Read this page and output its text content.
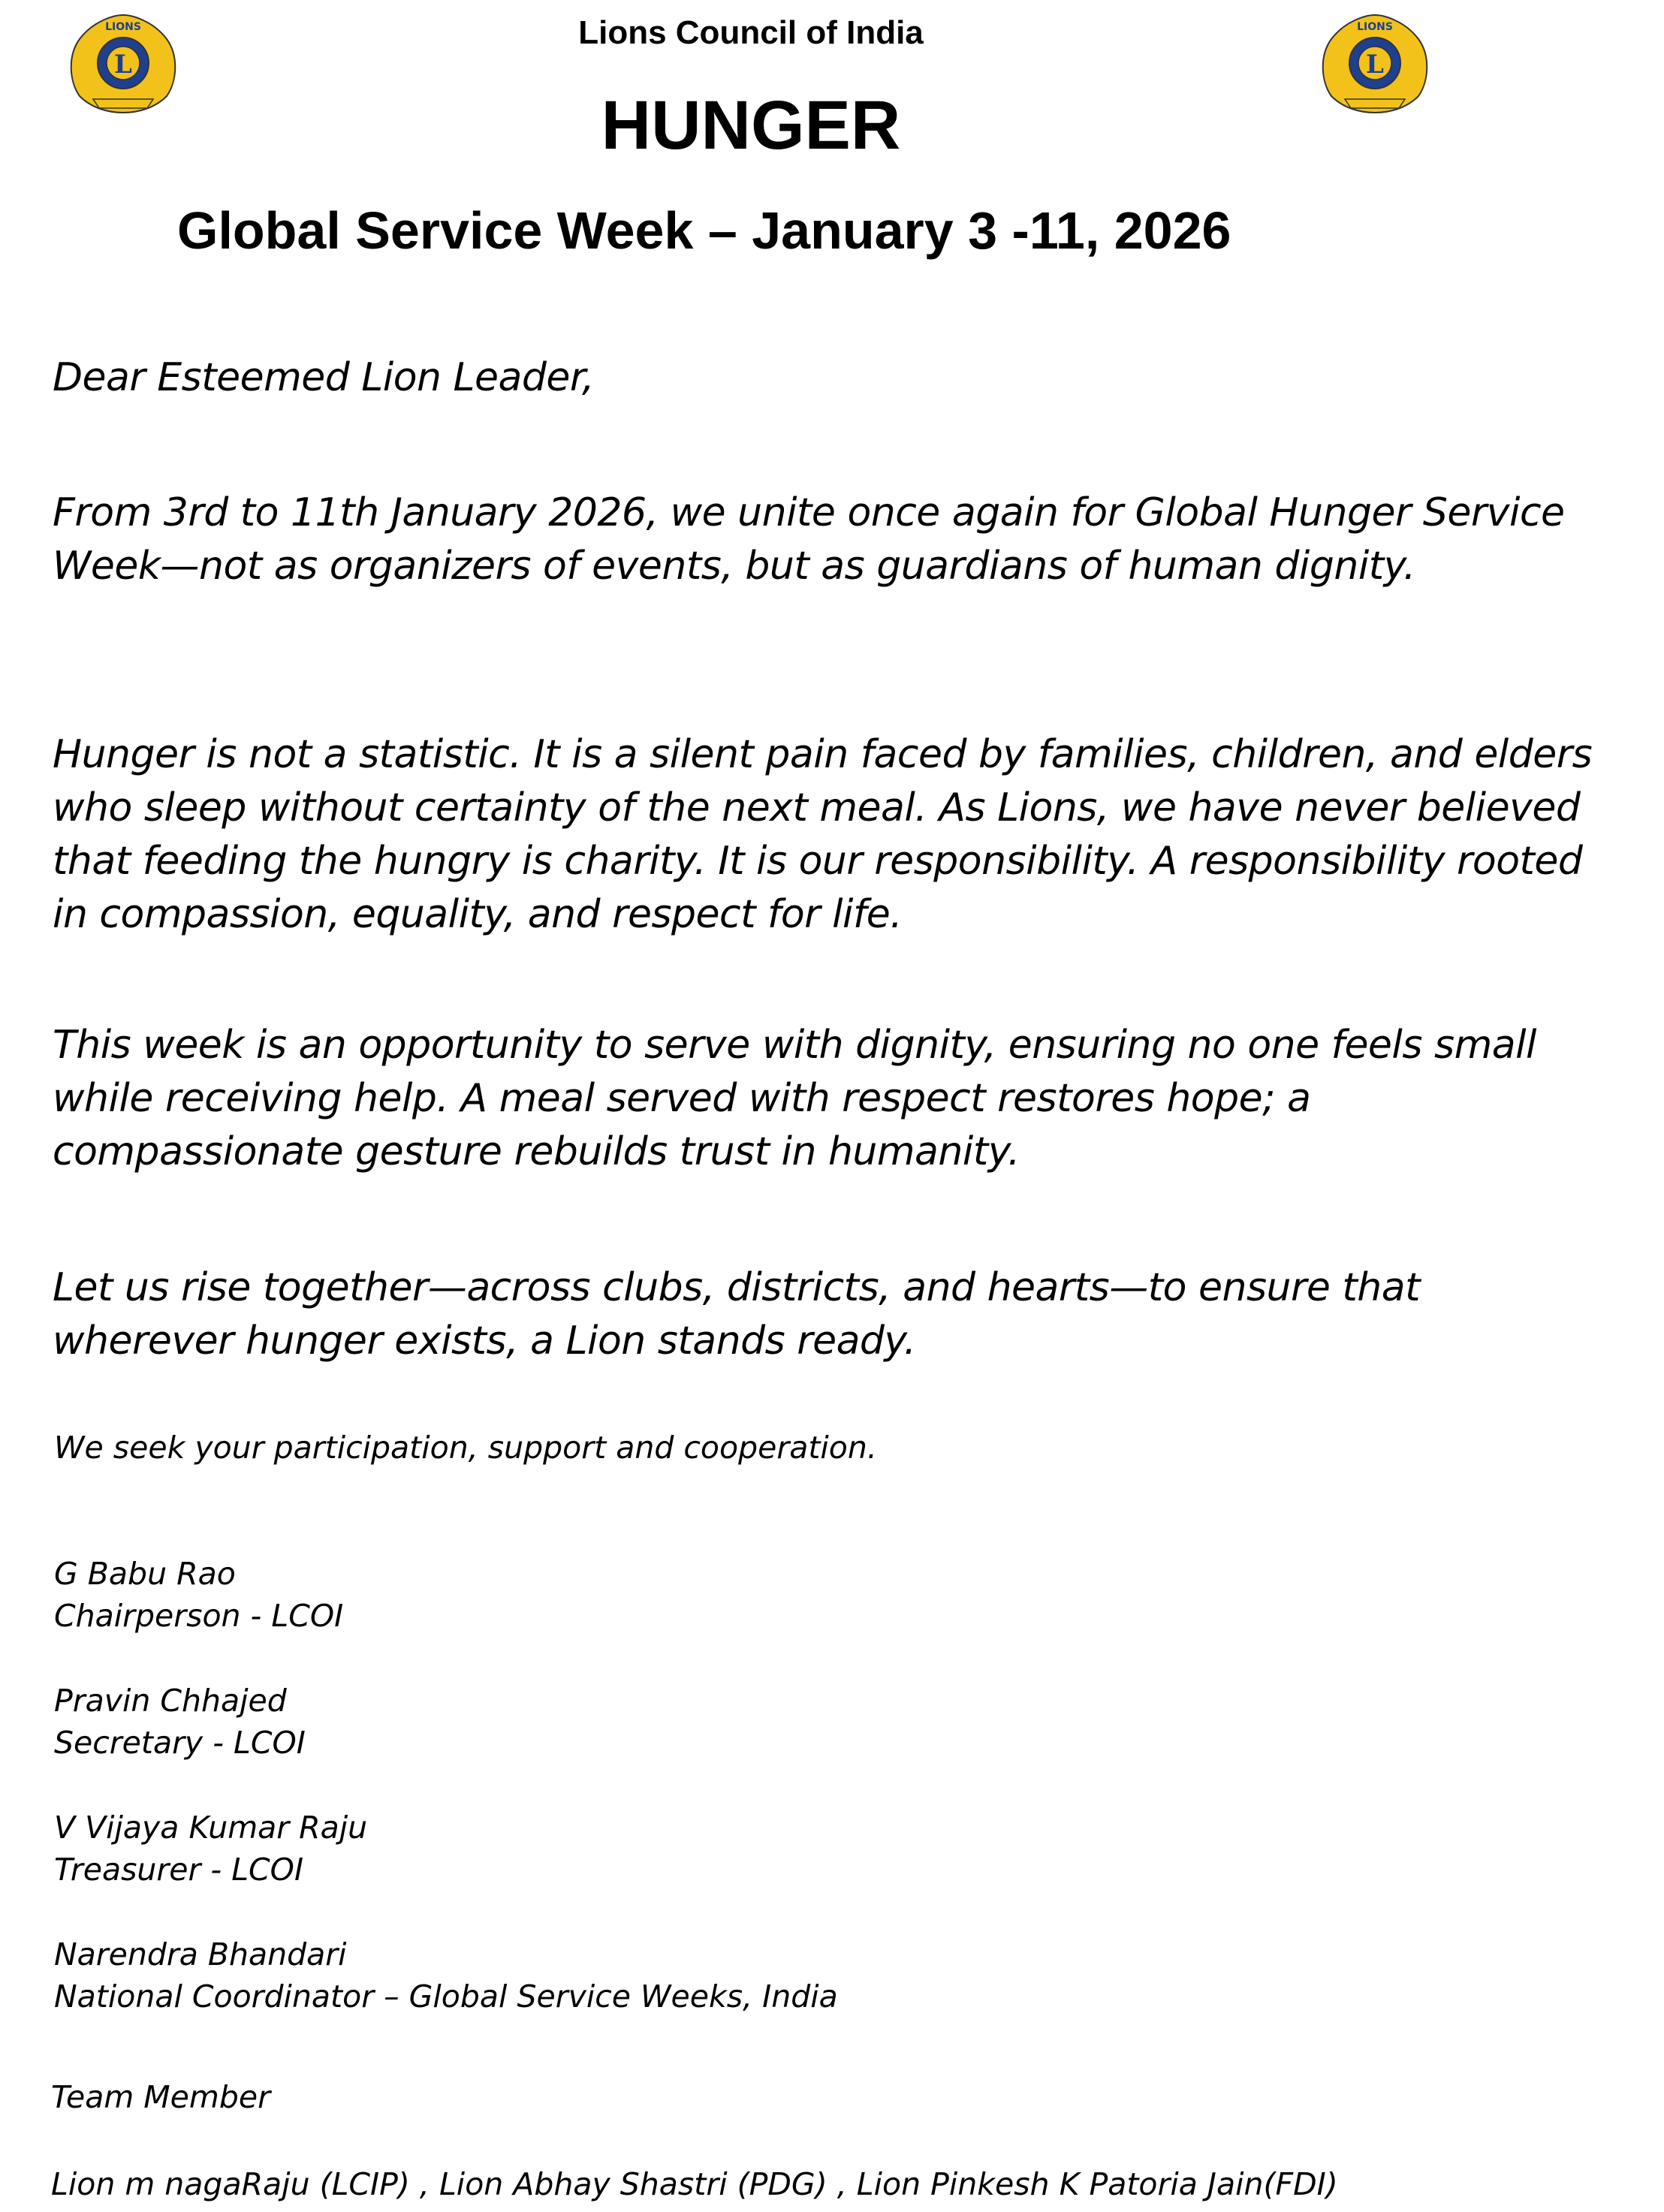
L
LIONS
L
LIONS
Lions Council of India
HUNGER
Global Service Week – January 3 -11, 2026

Dear Esteemed Lion Leader,

From 3rd to 11th January 2026, we unite once again for Global Hunger Service Week—not as organizers of events, but as guardians of human dignity.

Hunger is not a statistic. It is a silent pain faced by families, children, and elders who sleep without certainty of the next meal. As Lions, we have never believed that feeding the hungry is charity. It is our responsibility. A responsibility rooted in compassion, equality, and respect for life.

This week is an opportunity to serve with dignity, ensuring no one feels small while receiving help. A meal served with respect restores hope; a compassionate gesture rebuilds trust in humanity.

Let us rise together—across clubs, districts, and hearts—to ensure that wherever hunger exists, a Lion stands ready.

We seek your participation, support and cooperation.

G Babu Rao
Chairperson - LCOI
Pravin Chhajed
Secretary - LCOI
V Vijaya Kumar Raju
Treasurer - LCOI
Narendra Bhandari
National Coordinator – Global Service Weeks, India
Team Member
Lion m nagaRaju (LCIP) , Lion Abhay Shastri (PDG) , Lion Pinkesh K Patoria Jain(FDI)
